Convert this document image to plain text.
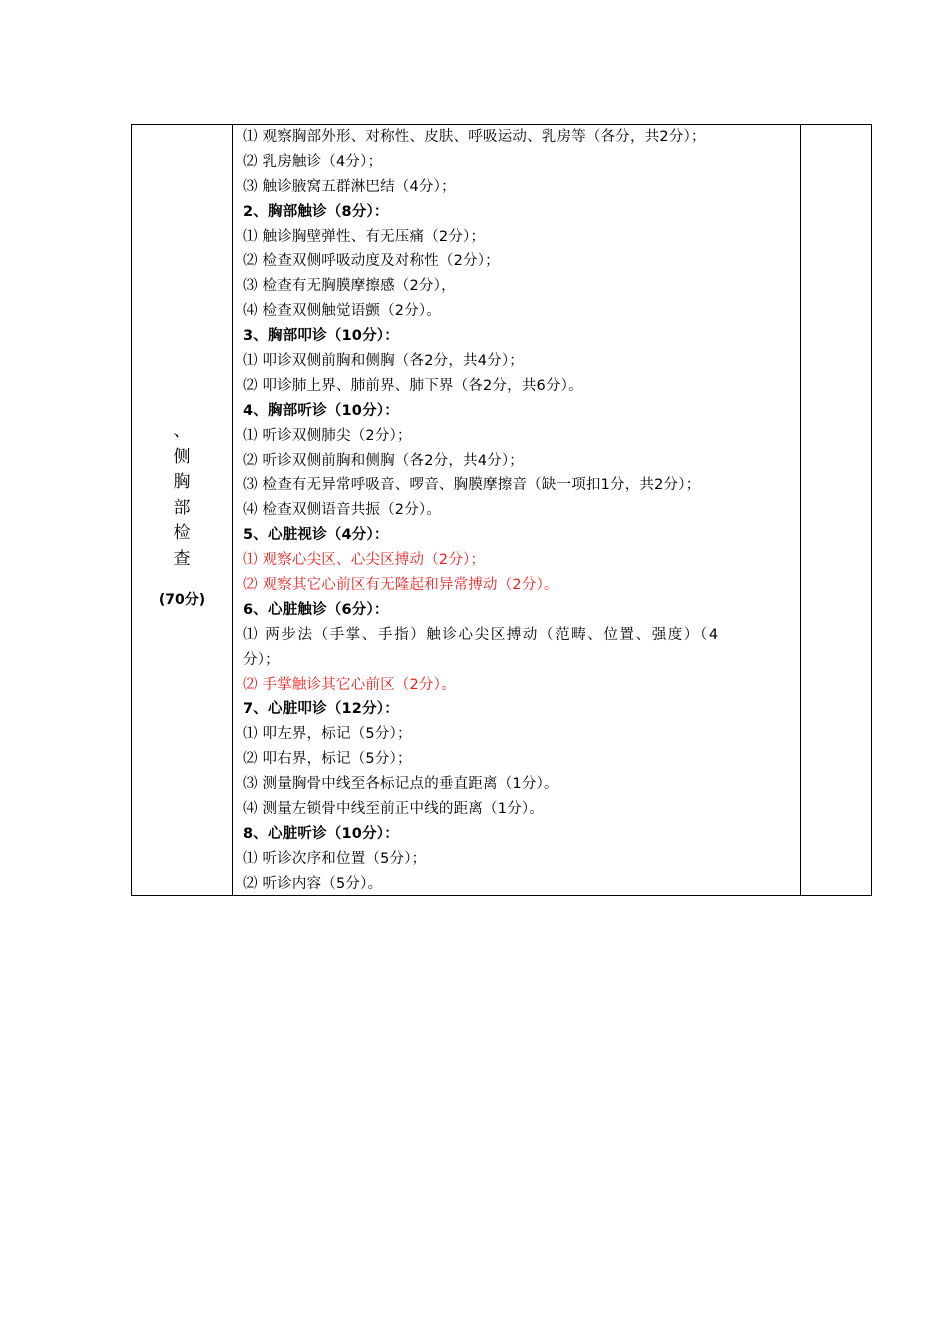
、
侧
胸
部
检
查
(70分)
⑴ 观察胸部外形、对称性、皮肤、呼吸运动、乳房等（各分，共2分）；
⑵ 乳房触诊（4分）；
⑶ 触诊腋窝五群淋巴结（4分）；
2、胸部触诊（8分）：
⑴ 触诊胸壁弹性、有无压痛（2分）；
⑵ 检查双侧呼吸动度及对称性（2分）；
⑶ 检查有无胸膜摩擦感（2分），
⑷ 检查双侧触觉语颤（2分）。
3、胸部叩诊（10分）：
⑴ 叩诊双侧前胸和侧胸（各2分，共4分）；
⑵ 叩诊肺上界、肺前界、肺下界（各2分，共6分）。
4、胸部听诊（10分）：
⑴ 听诊双侧肺尖（2分）；
⑵ 听诊双侧前胸和侧胸（各2分，共4分）；
⑶ 检查有无异常呼吸音、啰音、胸膜摩擦音（缺一项扣1分，共2分）；
⑷ 检查双侧语音共振（2分）。
5、心脏视诊（4分）：
⑴ 观察心尖区、心尖区搏动（2分）；
⑵ 观察其它心前区有无隆起和异常搏动（2分）。
6、心脏触诊（6分）：
⑴ 两步法（手掌、手指）触诊心尖区搏动（范畴、位置、强度）（4
分）；
⑵ 手掌触诊其它心前区（2分）。
7、心脏叩诊（12分）：
⑴ 叩左界，标记（5分）；
⑵ 叩右界，标记（5分）；
⑶ 测量胸骨中线至各标记点的垂直距离（1分）。
⑷ 测量左锁骨中线至前正中线的距离（1分）。
8、心脏听诊（10分）：
⑴ 听诊次序和位置（5分）；
⑵ 听诊内容（5分）。
